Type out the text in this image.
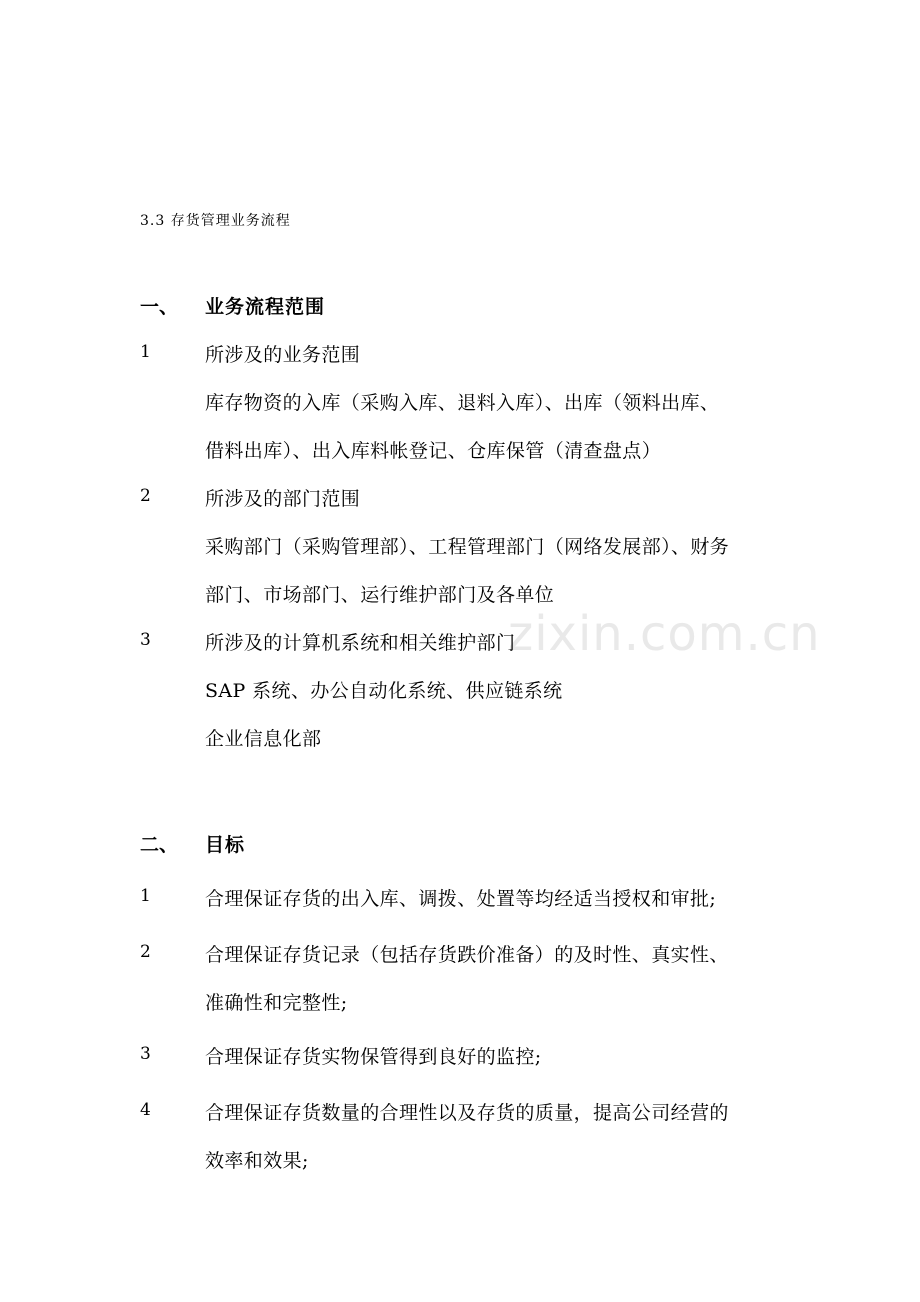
zixin.com.cn
3.3 存货管理业务流程
一、 业务流程范围
1	所涉及的业务范围
库存物资的入库（采购入库、退料入库）、出库（领料出库、
借料出库）、出入库料帐登记、仓库保管（清查盘点）
2	所涉及的部门范围
采购部门（采购管理部）、工程管理部门（网络发展部）、财务
部门、市场部门、运行维护部门及各单位
3	所涉及的计算机系统和相关维护部门
SAP 系统、办公自动化系统、供应链系统
企业信息化部
二、 目标
1	合理保证存货的出入库、调拨、处置等均经适当授权和审批;
2	合理保证存货记录（包括存货跌价准备）的及时性、真实性、
准确性和完整性;
3	合理保证存货实物保管得到良好的监控;
4	合理保证存货数量的合理性以及存货的质量，提高公司经营的
效率和效果;
